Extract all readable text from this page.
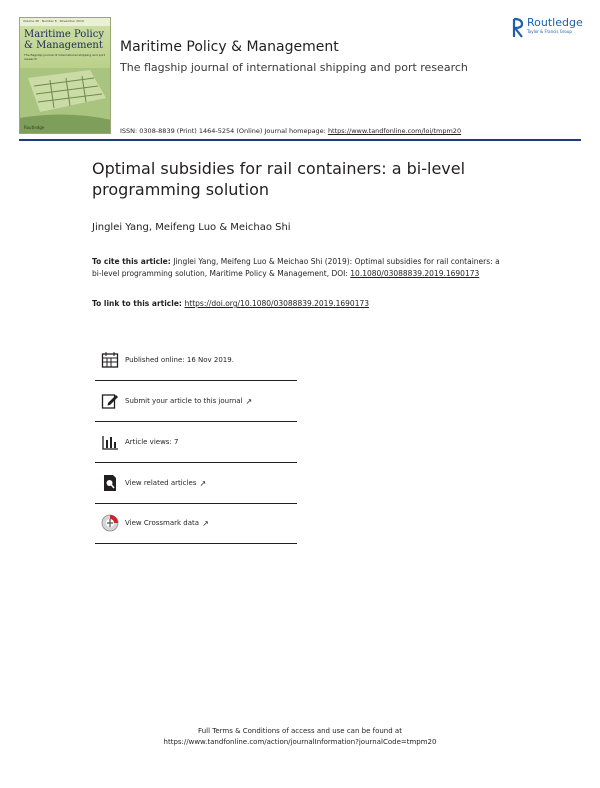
Volume 46 · Number 8 · November 2019
Maritime Policy & Management
The flagship journal of international shipping and port research
Routledge
Routledge
Taylor & Francis Group
Maritime Policy & Management
The flagship journal of international shipping and port research
ISSN: 0308-8839 (Print) 1464-5254 (Online) Journal homepage: https://www.tandfonline.com/loi/tmpm20
Optimal subsidies for rail containers: a bi-level programming solution
Jinglei Yang, Meifeng Luo & Meichao Shi
To cite this article: Jinglei Yang, Meifeng Luo & Meichao Shi (2019): Optimal subsidies for rail containers: a bi-level programming solution, Maritime Policy & Management, DOI: 10.1080/03088839.2019.1690173
To link to this article: https://doi.org/10.1080/03088839.2019.1690173
Published online: 16 Nov 2019.
Submit your article to this journal ↗
Article views: 7
View related articles ↗
View Crossmark data ↗
Full Terms & Conditions of access and use can be found at
https://www.tandfonline.com/action/journalInformation?journalCode=tmpm20
